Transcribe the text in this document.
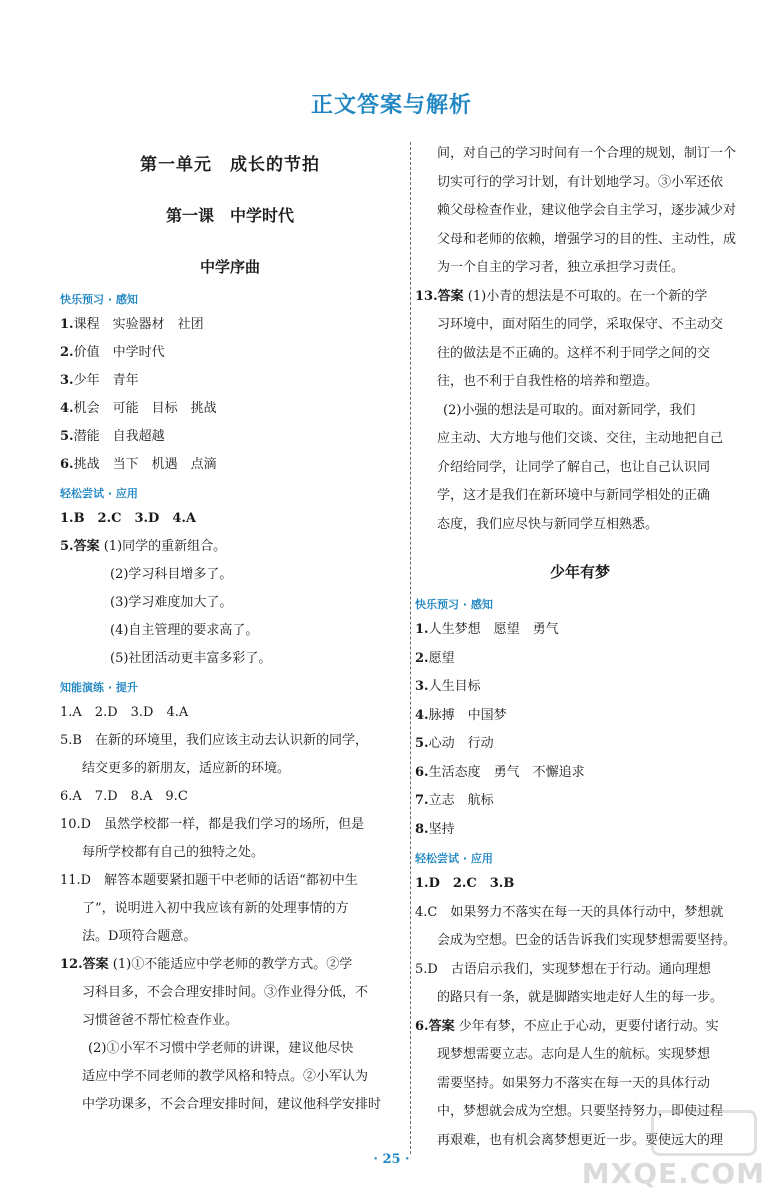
正文答案与解析
第一单元　成长的节拍
第一课　中学时代
中学序曲
快乐预习 · 感知
1.课程　实验器材　社团
2.价值　中学时代
3.少年　青年
4.机会　可能　目标　挑战
5.潜能　自我超越
6.挑战　当下　机遇　点滴
轻松尝试 · 应用
1.B　2.C　3.D　4.A
5.答案 (1)同学的重新组合。
(2)学习科目增多了。
(3)学习难度加大了。
(4)自主管理的要求高了。
(5)社团活动更丰富多彩了。
知能演练 · 提升
1.A　2.D　3.D　4.A
5.B　在新的环境里，我们应该主动去认识新的同学，
结交更多的新朋友，适应新的环境。
6.A　7.D　8.A　9.C
10.D　虽然学校都一样，都是我们学习的场所，但是
每所学校都有自己的独特之处。
11.D　解答本题要紧扣题干中老师的话语“都初中生
了”，说明进入初中我应该有新的处理事情的方
法。D项符合题意。
12.答案 (1)①不能适应中学老师的教学方式。②学
习科目多，不会合理安排时间。③作业得分低，不
习惯爸爸不帮忙检查作业。
(2)①小军不习惯中学老师的讲课，建议他尽快
适应中学不同老师的教学风格和特点。②小军认为
中学功课多，不会合理安排时间，建议他科学安排时
间，对自己的学习时间有一个合理的规划，制订一个
切实可行的学习计划，有计划地学习。③小军还依
赖父母检查作业，建议他学会自主学习，逐步减少对
父母和老师的依赖，增强学习的目的性、主动性，成
为一个自主的学习者，独立承担学习责任。
13.答案 (1)小青的想法是不可取的。在一个新的学
习环境中，面对陌生的同学，采取保守、不主动交
往的做法是不正确的。这样不利于同学之间的交
往，也不利于自我性格的培养和塑造。
(2)小强的想法是可取的。面对新同学，我们
应主动、大方地与他们交谈、交往，主动地把自己
介绍给同学，让同学了解自己，也让自己认识同
学，这才是我们在新环境中与新同学相处的正确
态度，我们应尽快与新同学互相熟悉。
少年有梦
快乐预习 · 感知
1.人生梦想　愿望　勇气
2.愿望
3.人生目标
4.脉搏　中国梦
5.心动　行动
6.生活态度　勇气　不懈追求
7.立志　航标
8.坚持
轻松尝试 · 应用
1.D　2.C　3.B
4.C　如果努力不落实在每一天的具体行动中，梦想就
会成为空想。巴金的话告诉我们实现梦想需要坚持。
5.D　古语启示我们，实现梦想在于行动。通向理想
的路只有一条，就是脚踏实地走好人生的每一步。
6.答案 少年有梦，不应止于心动，更要付诸行动。实
现梦想需要立志。志向是人生的航标。实现梦想
需要坚持。如果努力不落实在每一天的具体行动
中，梦想就会成为空想。只要坚持努力，即使过程
再艰难，也有机会离梦想更近一步。要使远大的理
· 25 ·	MXQE.COM
